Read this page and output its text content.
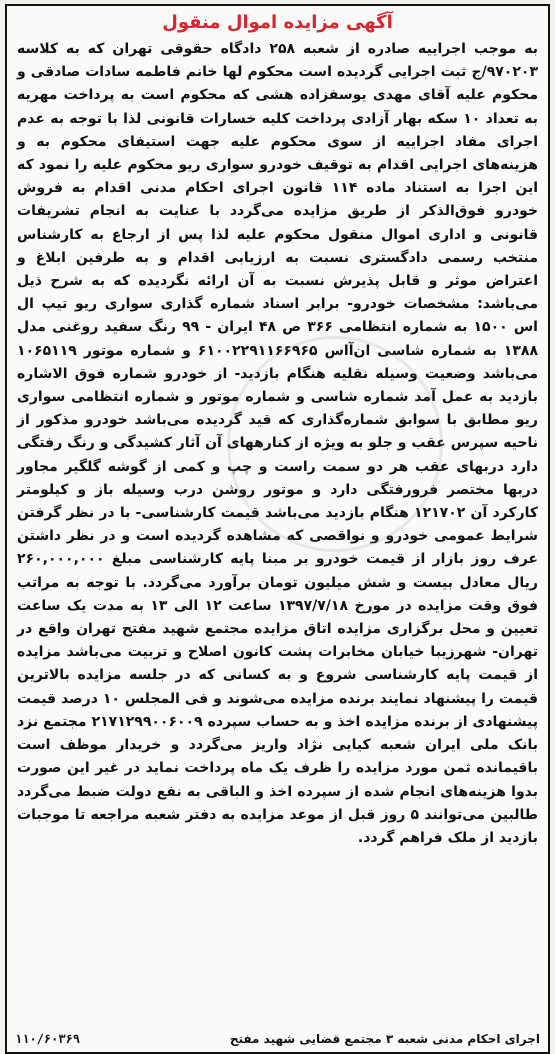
آگهی مزایده اموال منقول

به موجب اجراییه صادره از شعبه ۲۵۸ دادگاه حقوقی تهران که به کلاسه ۹۷۰۲۰۳/ج ثبت اجرایی گردیده است محکوم لها خانم فاطمه سادات صادقی و محکوم علیه آقای مهدی یوسفزاده هشی که محکوم است به پرداخت مهریه به تعداد ۱۰ سکه بهار آزادی پرداخت کلیه خسارات قانونی لذا با توجه به عدم اجرای مفاد اجراییه از سوی محکوم علیه جهت استیفای محکوم به و هزینه‌های اجرایی اقدام به توقیف خودرو سواری ریو محکوم علیه را نمود که این اجرا به استناد ماده ۱۱۴ قانون اجرای احکام مدنی اقدام به فروش خودرو فوق‌الذکر از طریق مزایده می‌گردد با عنایت به انجام تشریفات قانونی و اداری اموال منقول محکوم علیه لذا پس از ارجاع به کارشناس منتخب رسمی دادگستری نسبت به ارزیابی اقدام و به طرفین ابلاغ و اعتراض موثر و قابل پذیرش نسبت به آن ارائه نگردیده که به شرح ذیل می‌باشد: مشخصات خودرو- برابر اسناد شماره گذاری سواری ریو تیپ ال اس ۱۵۰۰ به شماره انتظامی ۳۶۶ ص ۴۸ ایران - ۹۹ رنگ سفید روغنی مدل ۱۳۸۸ به شماره شاسی ان‌آاس ۶۱۰۰۲۲۹۱۱۶۶۹۶۵ و شماره موتور ۱۰۶۵۱۱۹ می‌باشد وضعیت وسیله نقلیه هنگام بازدید- از خودرو شماره فوق الاشاره بازدید به عمل آمد شماره شاسی و شماره موتور و شماره انتظامی سواری ریو مطابق با سوابق شماره‌گذاری که قید گردیده می‌باشد خودرو مذکور از ناحیه سپرس عقب و جلو به ویژه از کنارههای آن آثار کشیدگی و رنگ رفتگی دارد دربهای عقب هر دو سمت راست و چپ و کمی از گوشه گلگیر مجاور دربها مختصر فرورفتگی دارد و موتور روشن درب وسیله باز و کیلومتر کارکرد آن ۱۲۱۷۰۲ هنگام بازدید می‌باشد قیمت کارشناسی- با در نظر گرفتن شرایط عمومی خودرو و نواقصی که مشاهده گردیده است و در نظر داشتن عرف روز بازار از قیمت خودرو بر مبنا پایه کارشناسی مبلغ ۲۶۰,۰۰۰,۰۰۰ ریال معادل بیست و شش میلیون تومان برآورد می‌گردد. با توجه به مراتب فوق وقت مزایده در مورخ ۱۳۹۷/۷/۱۸ ساعت ۱۲ الی ۱۳ به مدت یک ساعت تعیین و محل برگزاری مزایده اتاق مزایده مجتمع شهید مفتح تهران واقع در تهران- شهرزیبا خیابان مخابرات پشت کانون اصلاح و تربیت می‌باشد مزایده از قیمت پایه کارشناسی شروع و به کسانی که در جلسه مزایده بالاترین قیمت را پیشنهاد نمایند برنده مزایده می‌شوند و فی المجلس ۱۰ درصد قیمت پیشنهادی از برنده مزایده اخذ و به حساب سپرده ۲۱۷۱۲۹۹۰۰۶۰۰۹ مجتمع نزد بانک ملی ایران شعبه کیایی نژاد واریز می‌گردد و خریدار موظف است باقیمانده ثمن مورد مزایده را ظرف یک ماه پرداخت نماید در غیر این صورت بدوا هزینه‌های انجام شده از سپرده اخذ و الباقی به نفع دولت ضبط می‌گردد طالبین می‌توانند ۵ روز قبل از موعد مزایده به دفتر شعبه مراجعه تا موجبات بازدید از ملک فراهم گردد.

۱۱۰/۶۰۳۶۹	اجرای احکام مدنی شعبه ۳ مجتمع قضایی شهید مفتح
